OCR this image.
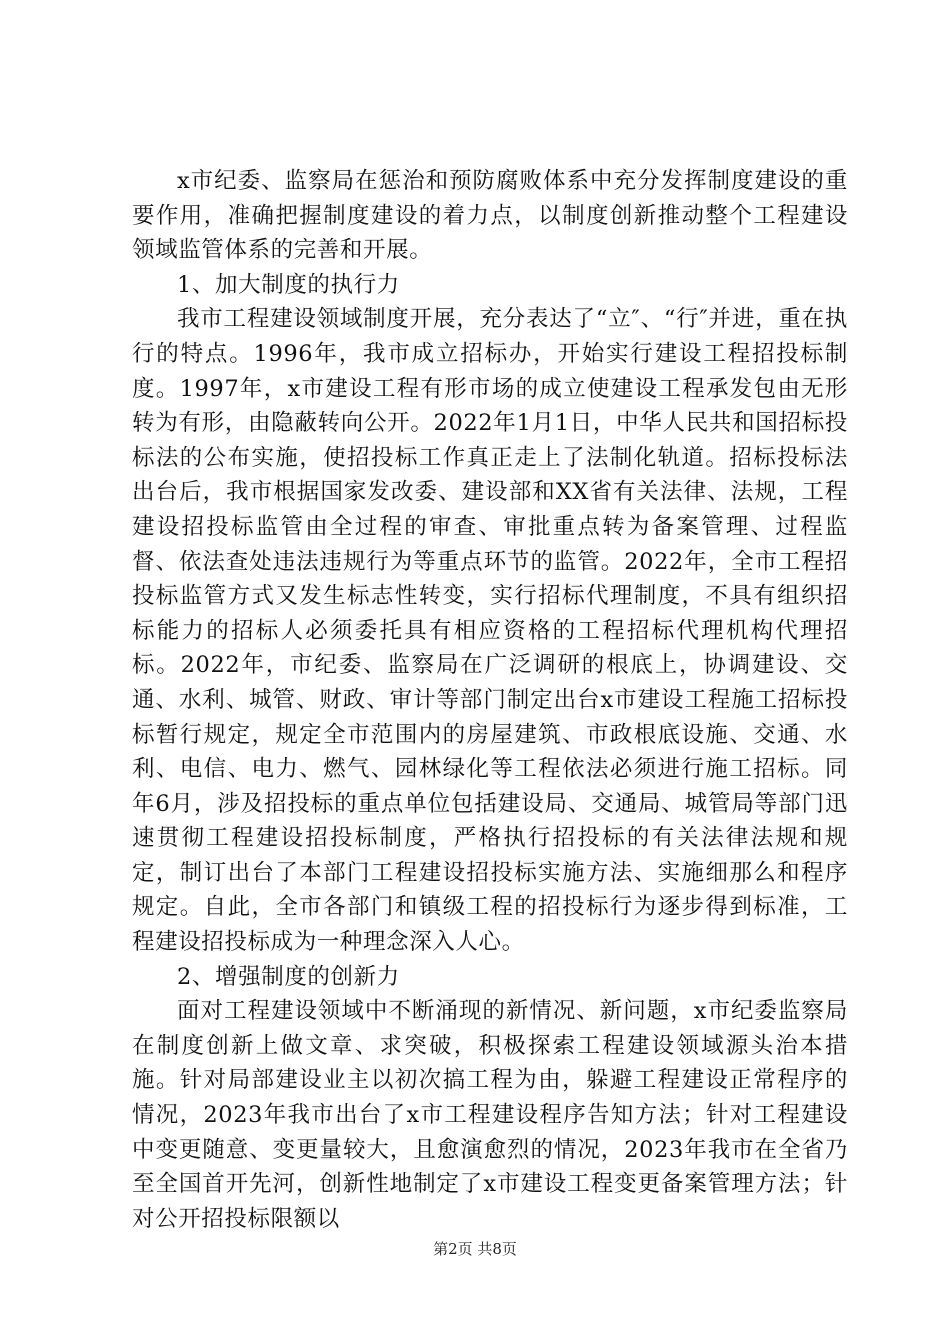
x市纪委、监察局在惩治和预防腐败体系中充分发挥制度建设的重要作用，准确把握制度建设的着力点，以制度创新推动整个工程建设领域监管体系的完善和开展。

1、加大制度的执行力

我市工程建设领域制度开展，充分表达了“立″、“行″并进，重在执行的特点。1996年，我市成立招标办，开始实行建设工程招投标制度。1997年，x市建设工程有形市场的成立使建设工程承发包由无形转为有形，由隐蔽转向公开。2022年1月1日，中华人民共和国招标投标法的公布实施，使招投标工作真正走上了法制化轨道。招标投标法出台后，我市根据国家发改委、建设部和XX省有关法律、法规，工程建设招投标监管由全过程的审查、审批重点转为备案管理、过程监督、依法查处违法违规行为等重点环节的监管。2022年，全市工程招投标监管方式又发生标志性转变，实行招标代理制度，不具有组织招标能力的招标人必须委托具有相应资格的工程招标代理机构代理招标。2022年，市纪委、监察局在广泛调研的根底上，协调建设、交通、水利、城管、财政、审计等部门制定出台x市建设工程施工招标投标暂行规定，规定全市范围内的房屋建筑、市政根底设施、交通、水利、电信、电力、燃气、园林绿化等工程依法必须进行施工招标。同年6月，涉及招投标的重点单位包括建设局、交通局、城管局等部门迅速贯彻工程建设招投标制度，严格执行招投标的有关法律法规和规定，制订出台了本部门工程建设招投标实施方法、实施细那么和程序规定。自此，全市各部门和镇级工程的招投标行为逐步得到标准，工程建设招投标成为一种理念深入人心。

2、增强制度的创新力

面对工程建设领域中不断涌现的新情况、新问题，x市纪委监察局在制度创新上做文章、求突破，积极探索工程建设领域源头治本措施。针对局部建设业主以初次搞工程为由，躲避工程建设正常程序的情况，2023年我市出台了x市工程建设程序告知方法；针对工程建设中变更随意、变更量较大，且愈演愈烈的情况，2023年我市在全省乃至全国首开先河，创新性地制定了x市建设工程变更备案管理方法；针对公开招投标限额以

第2页 共8页
